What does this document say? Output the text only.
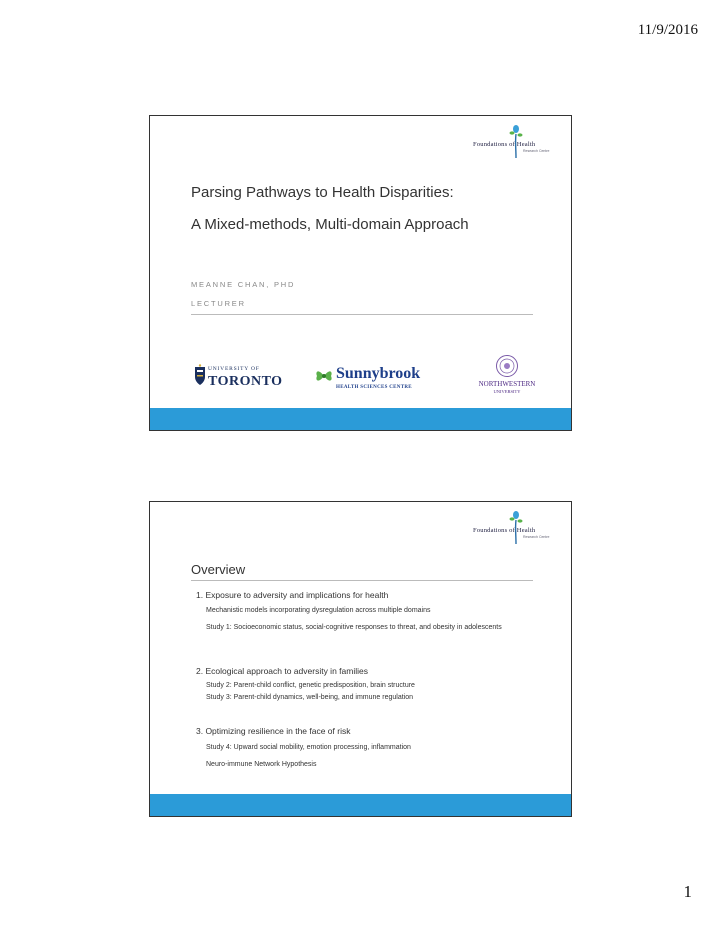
11/9/2016
Foundations of Health
Research Centre
Parsing Pathways to Health Disparities:
A Mixed-methods, Multi-domain Approach
MEANNE CHAN, PHD
LECTURER
UNIVERSITY OF
TORONTO	Sunnybrook
HEALTH SCIENCES CENTRE	NORTHWESTERN
UNIVERSITY
Foundations of Health
Research Centre
Overview
1. Exposure to adversity and implications for health
Mechanistic models incorporating dysregulation across multiple domains
Study 1: Socioeconomic status, social-cognitive responses to threat, and obesity in adolescents
2. Ecological approach to adversity in families
Study 2: Parent-child conflict, genetic predisposition, brain structure
Study 3: Parent-child dynamics, well-being, and immune regulation
3. Optimizing resilience in the face of risk
Study 4: Upward social mobility, emotion processing, inflammation
Neuro-immune Network Hypothesis
1
